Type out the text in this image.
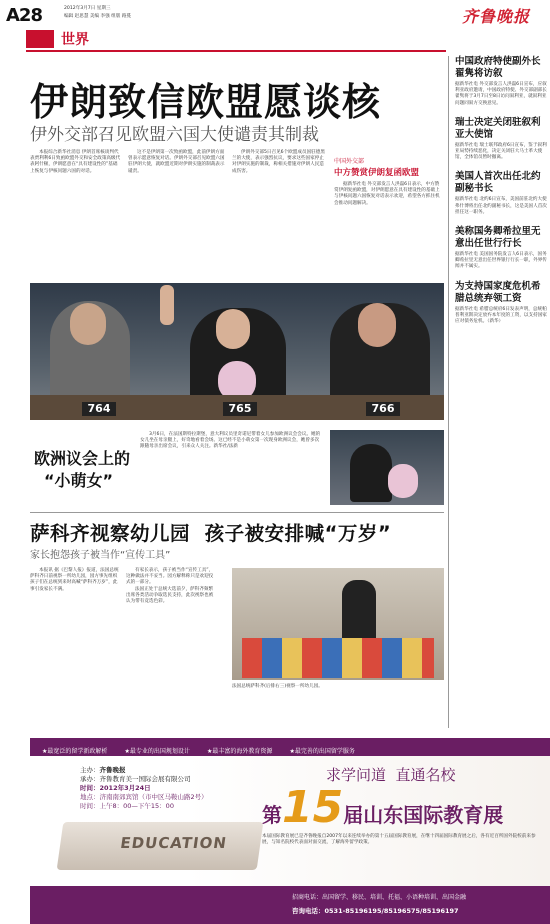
A28	2012年3月7日 星期三
编辑 赵思慧 美编 李强 组版 路蔓	齐鲁晚报
世界
伊朗致信欧盟愿谈核
伊外交部召见欧盟六国大使谴责其制裁

本报综合新华社消息 伊朗首席核谈判代表贾利利6日致函欧盟外交和安全政策高级代表阿什顿，伊朗愿意在“具有建设性的”基础上恢复与伊核问题六国的对话。

这不是伊朗第一次致函欧盟，此前伊朗方面曾表示愿意恢复对话。伊朗外交部召见欧盟六国驻伊朗大使，就欧盟近期对伊朗实施的制裁表示谴责。

伊朗外交部5日召见6个欧盟成员国驻德黑兰的大使，表示强烈抗议，要求这些国家停止对伊朗实施的制裁，称相关措施对伊朗人民造成伤害。

中国外交部
中方赞赏伊朗复函欧盟

据新华社电 外交部发言人洪磊6日表示，中方赞赏伊朗复函欧盟，对伊朗愿意在具有建设性的基础上与伊核问题六国恢复对话表示欢迎，希望各方抓住机会推动问题解决。

764	765	766
欧洲议会上的
“小萌女”

3月6日，在法国斯特拉斯堡，意大利议员里奇诺尼带着女儿参加欧洲议会会议。她的女儿坐在母亲腿上，好奇地看着会场。这已经不是小萌女第一次现身欧洲议会，她曾多次跟随母亲出席会议，引来众人关注。新华社/法新

萨科齐视察幼儿园  孩子被安排喊“万岁”
家长抱怨孩子被当作“宣传工具”

本报讯 据《巴黎人报》报道，法国总统萨科齐日前视察一所幼儿园，园方事先组织孩子们在总统到来时高喊“萨科齐万岁”，此事引发家长不满。

有家长表示，孩子被当作“宣传工具”，这种做法并不妥当。园方解释称只是欢迎仪式的一部分。

法国正处于总统大选前夕，萨科齐频繁出席各类活动争取选民支持，此次视察也被认为带有竞选色彩。

法国总统萨科齐(后排右三)视察一所幼儿园。
中国政府特使副外长翟隽将访叙
据新华社电 外交部发言人洪磊6日宣布，应叙利亚政府邀请，中国政府特使、外交部副部长翟隽将于3月7日至8日访问叙利亚，就叙利亚问题同叙方交换意见。
瑞士决定关闭驻叙利亚大使馆
据新华社电 瑞士联邦政府6日宣布，鉴于叙利亚局势持续恶化，决定关闭驻大马士革大使馆，全体馆员暂时撤离。
美国人首次出任北约副秘书长
据新华社电 北约6日宣布，美国前驻北约大使弗什博将出任北约副秘书长，这是美国人首次担任这一职务。
美称国务卿希拉里无意出任世行行长
据新华社电 美国国务院发言人6日表示，国务卿希拉里无意出任世界银行行长一职，外界传闻并不属实。
为支持国家度危机希腊总统弃领工资
据新华社电 希腊总统府6日发表声明，总统帕普利亚斯决定放弃本年度的工资，以支持国家应对债务危机。（新华）
★最宽泛的留学新政解析	★最专业的出国规划设计	★最丰富的海外教育资源	★最完善的出国留学服务
主办：齐鲁晚报
承办：齐鲁教育美一国际会展有限公司
时间：2012年3月24日
地点：济南南郊宾馆（市中区马鞍山路2号）
时间：上午8：00—下午15：00
EDUCATION
求学问道  直通名校
第15届山东国际教育展
本届国际教育展已是齐鲁晚报自2007年以来连续举办的第十五届国际教育展，在继十四届国际教育展之后，各有近百所国外院校前来参展，与知名院校代表面对面交流，了解海外留学政策。
招商电话：出国留学、移民、培训、托福、小语种培训、出国金融
咨询电话：0531-85196195/85196575/85196197
